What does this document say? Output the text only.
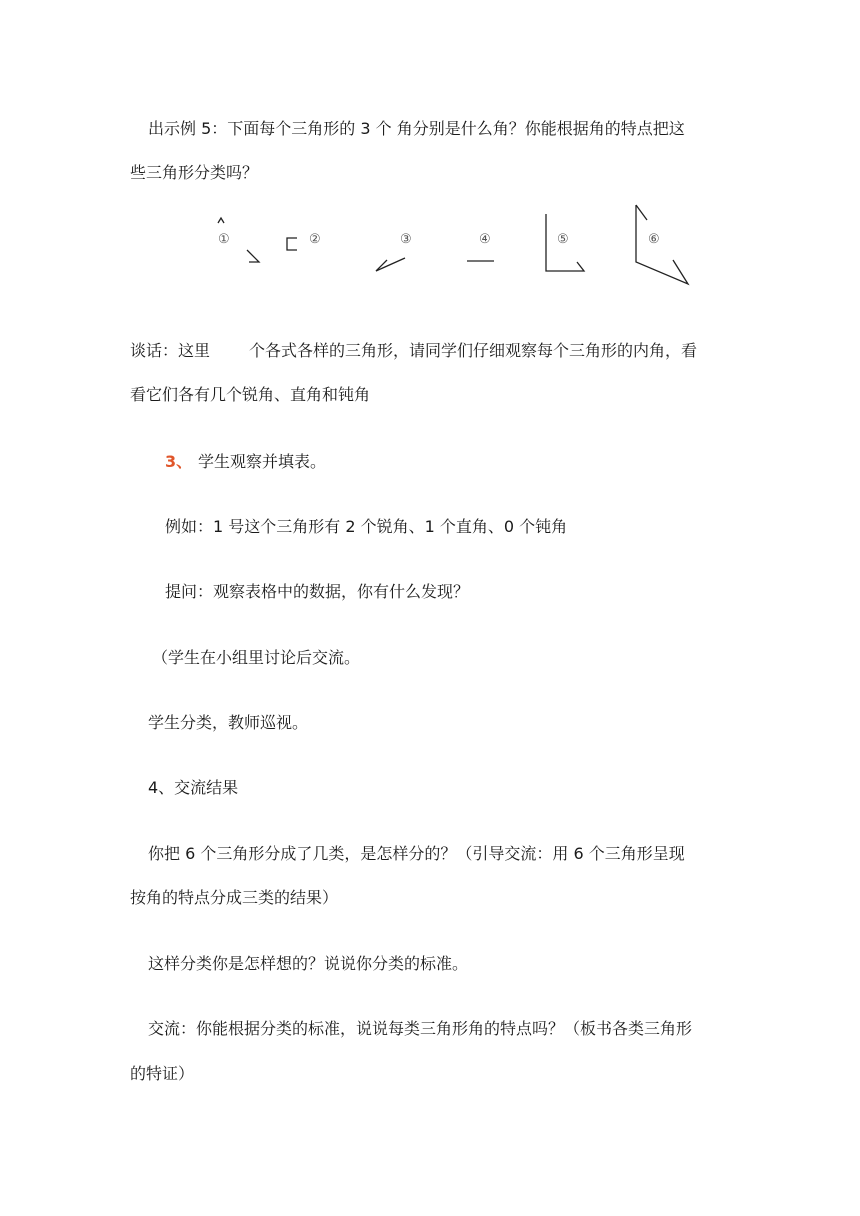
出示例 5：下面每个三角形的 3 个 角分别是什么角？你能根据角的特点把这
些三角形分类吗？
①	②	③	④	⑤	⑥
谈话：这里 个各式各样的三角形，请同学们仔细观察每个三角形的内角，看
看它们各有几个锐角、直角和钝角
3、 学生观察并填表。
例如：1 号这个三角形有 2 个锐角、1 个直角、0 个钝角
提问：观察表格中的数据，你有什么发现？
（学生在小组里讨论后交流。
学生分类，教师巡视。
4、交流结果
你把 6 个三角形分成了几类，是怎样分的？（引导交流：用 6 个三角形呈现
按角的特点分成三类的结果）
这样分类你是怎样想的？说说你分类的标准。
交流：你能根据分类的标准，说说每类三角形角的特点吗？（板书各类三角形
的特证）
